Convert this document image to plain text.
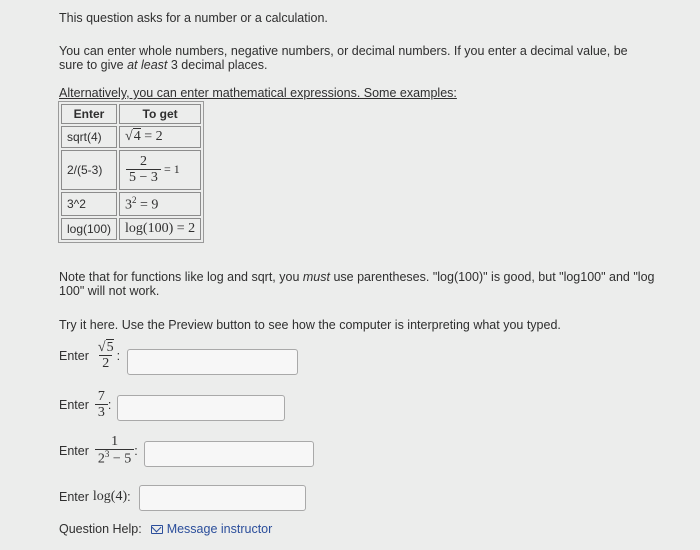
This question asks for a number or a calculation.

You can enter whole numbers, negative numbers, or decimal numbers. If you enter a decimal value, be

sure to give at least 3 decimal places.

Alternatively, you can enter mathematical expressions. Some examples:

Enter	To get
sqrt(4)	√4 = 2
2/(5-3)	$\frac{2}{5 - 3} = 1$
3^2	$3^2 = 9$
log(100)	log(100) = 2

Note that for functions like log and sqrt, you must use parentheses. "log(100)" is good, but "log100" and "log

100" will not work.

Try it here. Use the Preview button to see how the computer is interpreting what you typed.

Enter $\frac{√5}{2}$ :
Enter $\frac{7}{3}$ :
Enter $\frac{1}{2^3 - 5}$ :
Enter log(4) :
Question Help: Message instructor
